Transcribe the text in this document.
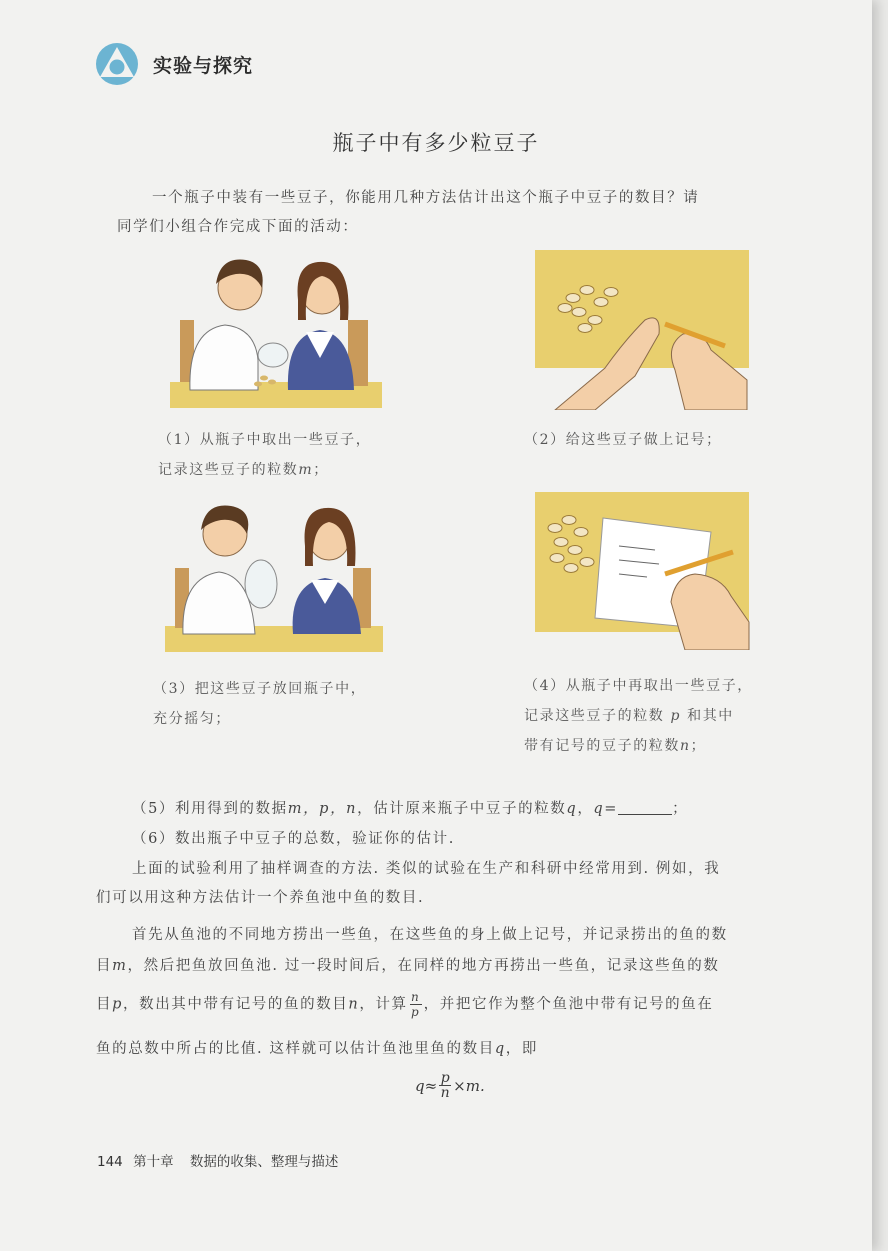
实验与探究
瓶子中有多少粒豆子
一个瓶子中装有一些豆子，你能用几种方法估计出这个瓶子中豆子的数目？请
同学们小组合作完成下面的活动：
（1）从瓶子中取出一些豆子，
记录这些豆子的粒数m；
（2）给这些豆子做上记号；
（3）把这些豆子放回瓶子中，
充分摇匀；
（4）从瓶子中再取出一些豆子，
记录这些豆子的粒数 p 和其中
带有记号的豆子的粒数n；
（5）利用得到的数据m，p，n，估计原来瓶子中豆子的粒数q，q=	；
（6）数出瓶子中豆子的总数，验证你的估计.
上面的试验利用了抽样调查的方法. 类似的试验在生产和科研中经常用到. 例如，我
们可以用这种方法估计一个养鱼池中鱼的数目.
首先从鱼池的不同地方捞出一些鱼，在这些鱼的身上做上记号，并记录捞出的鱼的数
目m，然后把鱼放回鱼池. 过一段时间后，在同样的地方再捞出一些鱼，记录这些鱼的数
目p，数出其中带有记号的鱼的数目n，计算 $\frac{n}{p}$ ，并把它作为整个鱼池中带有记号的鱼在
鱼的总数中所占的比值. 这样就可以估计鱼池里鱼的数目q，即
$q\approx \frac{p}{n} \times m$.
144 第十章 数据的收集、整理与描述
